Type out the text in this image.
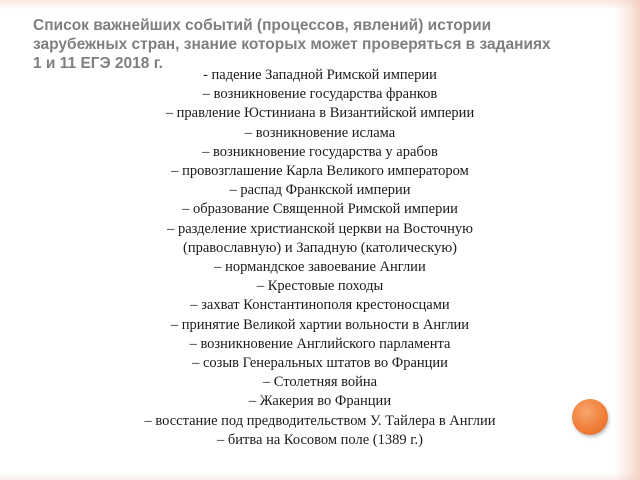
Список важнейших событий (процессов, явлений) истории
зарубежных стран, знание которых может проверяться в заданиях
1 и 11 ЕГЭ 2018 г.
- падение Западной Римской империи
– возникновение государства франков
– правление Юстиниана в Византийской империи
– возникновение ислама
– возникновение государства у арабов
– провозглашение Карла Великого императором
– распад Франкской империи
– образование Священной Римской империи
– разделение христианской церкви на Восточную
(православную) и Западную (католическую)
– нормандское завоевание Англии
– Крестовые походы
– захват Константинополя крестоносцами
– принятие Великой хартии вольности в Англии
– возникновение Английского парламента
– созыв Генеральных штатов во Франции
– Столетняя война
– Жакерия во Франции
– восстание под предводительством У. Тайлера в Англии
– битва на Косовом поле (1389 г.)
